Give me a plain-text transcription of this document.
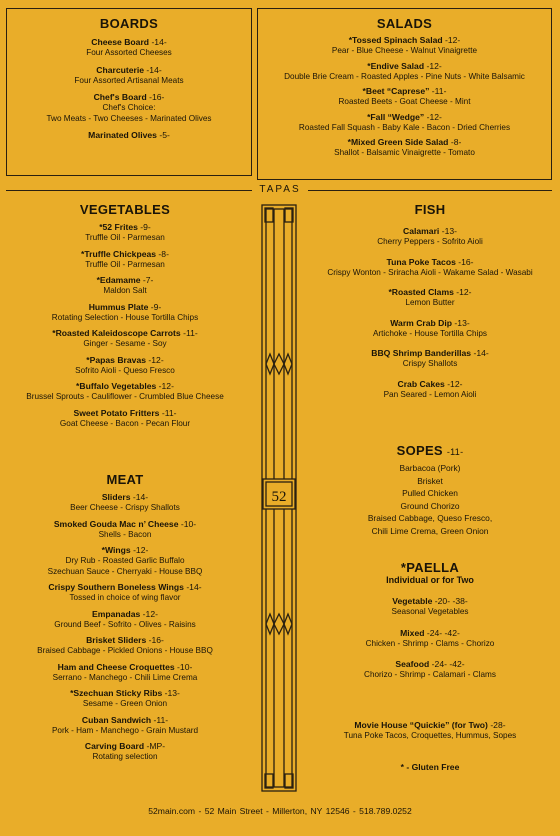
BOARDS
Cheese Board -14-
Four Assorted Cheeses
Charcuterie -14-
Four Assorted Artisanal Meats
Chef's Board -16-
Chef's Choice:
Two Meats - Two Cheeses - Marinated Olives
Marinated Olives -5-
SALADS
*Tossed Spinach Salad -12-
Pear - Blue Cheese - Walnut Vinaigrette
*Endive Salad -12-
Double Brie Cream - Roasted Apples - Pine Nuts - White Balsamic
*Beet “Caprese” -11-
Roasted Beets - Goat Cheese - Mint
*Fall “Wedge” -12-
Roasted Fall Squash - Baby Kale - Bacon - Dried Cherries
*Mixed Green Side Salad -8-
Shallot - Balsamic Vinaigrette - Tomato
TAPAS
VEGETABLES
*52 Frites -9-
Truffle Oil - Parmesan
*Truffle Chickpeas -8-
Truffle Oil - Parmesan
*Edamame -7-
Maldon Salt
Hummus Plate -9-
Rotating Selection - House Tortilla Chips
*Roasted Kaleidoscope Carrots -11-
Ginger - Sesame - Soy
*Papas Bravas -12-
Sofrito Aioli - Queso Fresco
*Buffalo Vegetables -12-
Brussel Sprouts - Cauliflower - Crumbled Blue Cheese
Sweet Potato Fritters -11-
Goat Cheese - Bacon - Pecan Flour
MEAT
Sliders -14-
Beer Cheese - Crispy Shallots
Smoked Gouda Mac n’ Cheese -10-
Shells - Bacon
*Wings -12-
Dry Rub - Roasted Garlic Buffalo
Szechuan Sauce - Cherryaki - House BBQ
Crispy Southern Boneless Wings -14-
Tossed in choice of wing flavor
Empanadas -12-
Ground Beef - Sofrito - Olives - Raisins
Brisket Sliders -16-
Braised Cabbage - Pickled Onions - House BBQ
Ham and Cheese Croquettes -10-
Serrano - Manchego - Chili Lime Crema
*Szechuan Sticky Ribs -13-
Sesame - Green Onion
Cuban Sandwich -11-
Pork - Ham - Manchego - Grain Mustard
Carving Board -MP-
Rotating selection
52
FISH
Calamari -13-
Cherry Peppers - Sofrito Aioli
Tuna Poke Tacos -16-
Crispy Wonton - Sriracha Aioli - Wakame Salad - Wasabi
*Roasted Clams -12-
Lemon Butter
Warm Crab Dip -13-
Artichoke - House Tortilla Chips
BBQ Shrimp Banderillas -14-
Crispy Shallots
Crab Cakes -12-
Pan Seared - Lemon Aioli
SOPES -11-
Barbacoa (Pork)
Brisket
Pulled Chicken
Ground Chorizo
Braised Cabbage, Queso Fresco,
Chili Lime Crema, Green Onion
*PAELLA
Individual or for Two
Vegetable -20- -38-
Seasonal Vegetables
Mixed -24- -42-
Chicken - Shrimp - Clams - Chorizo
Seafood -24- -42-
Chorizo - Shrimp - Calamari - Clams
Movie House “Quickie” (for Two) -28-
Tuna Poke Tacos, Croquettes, Hummus, Sopes
* - Gluten Free
52main.com - 52 Main Street - Millerton, NY 12546 - 518.789.0252
